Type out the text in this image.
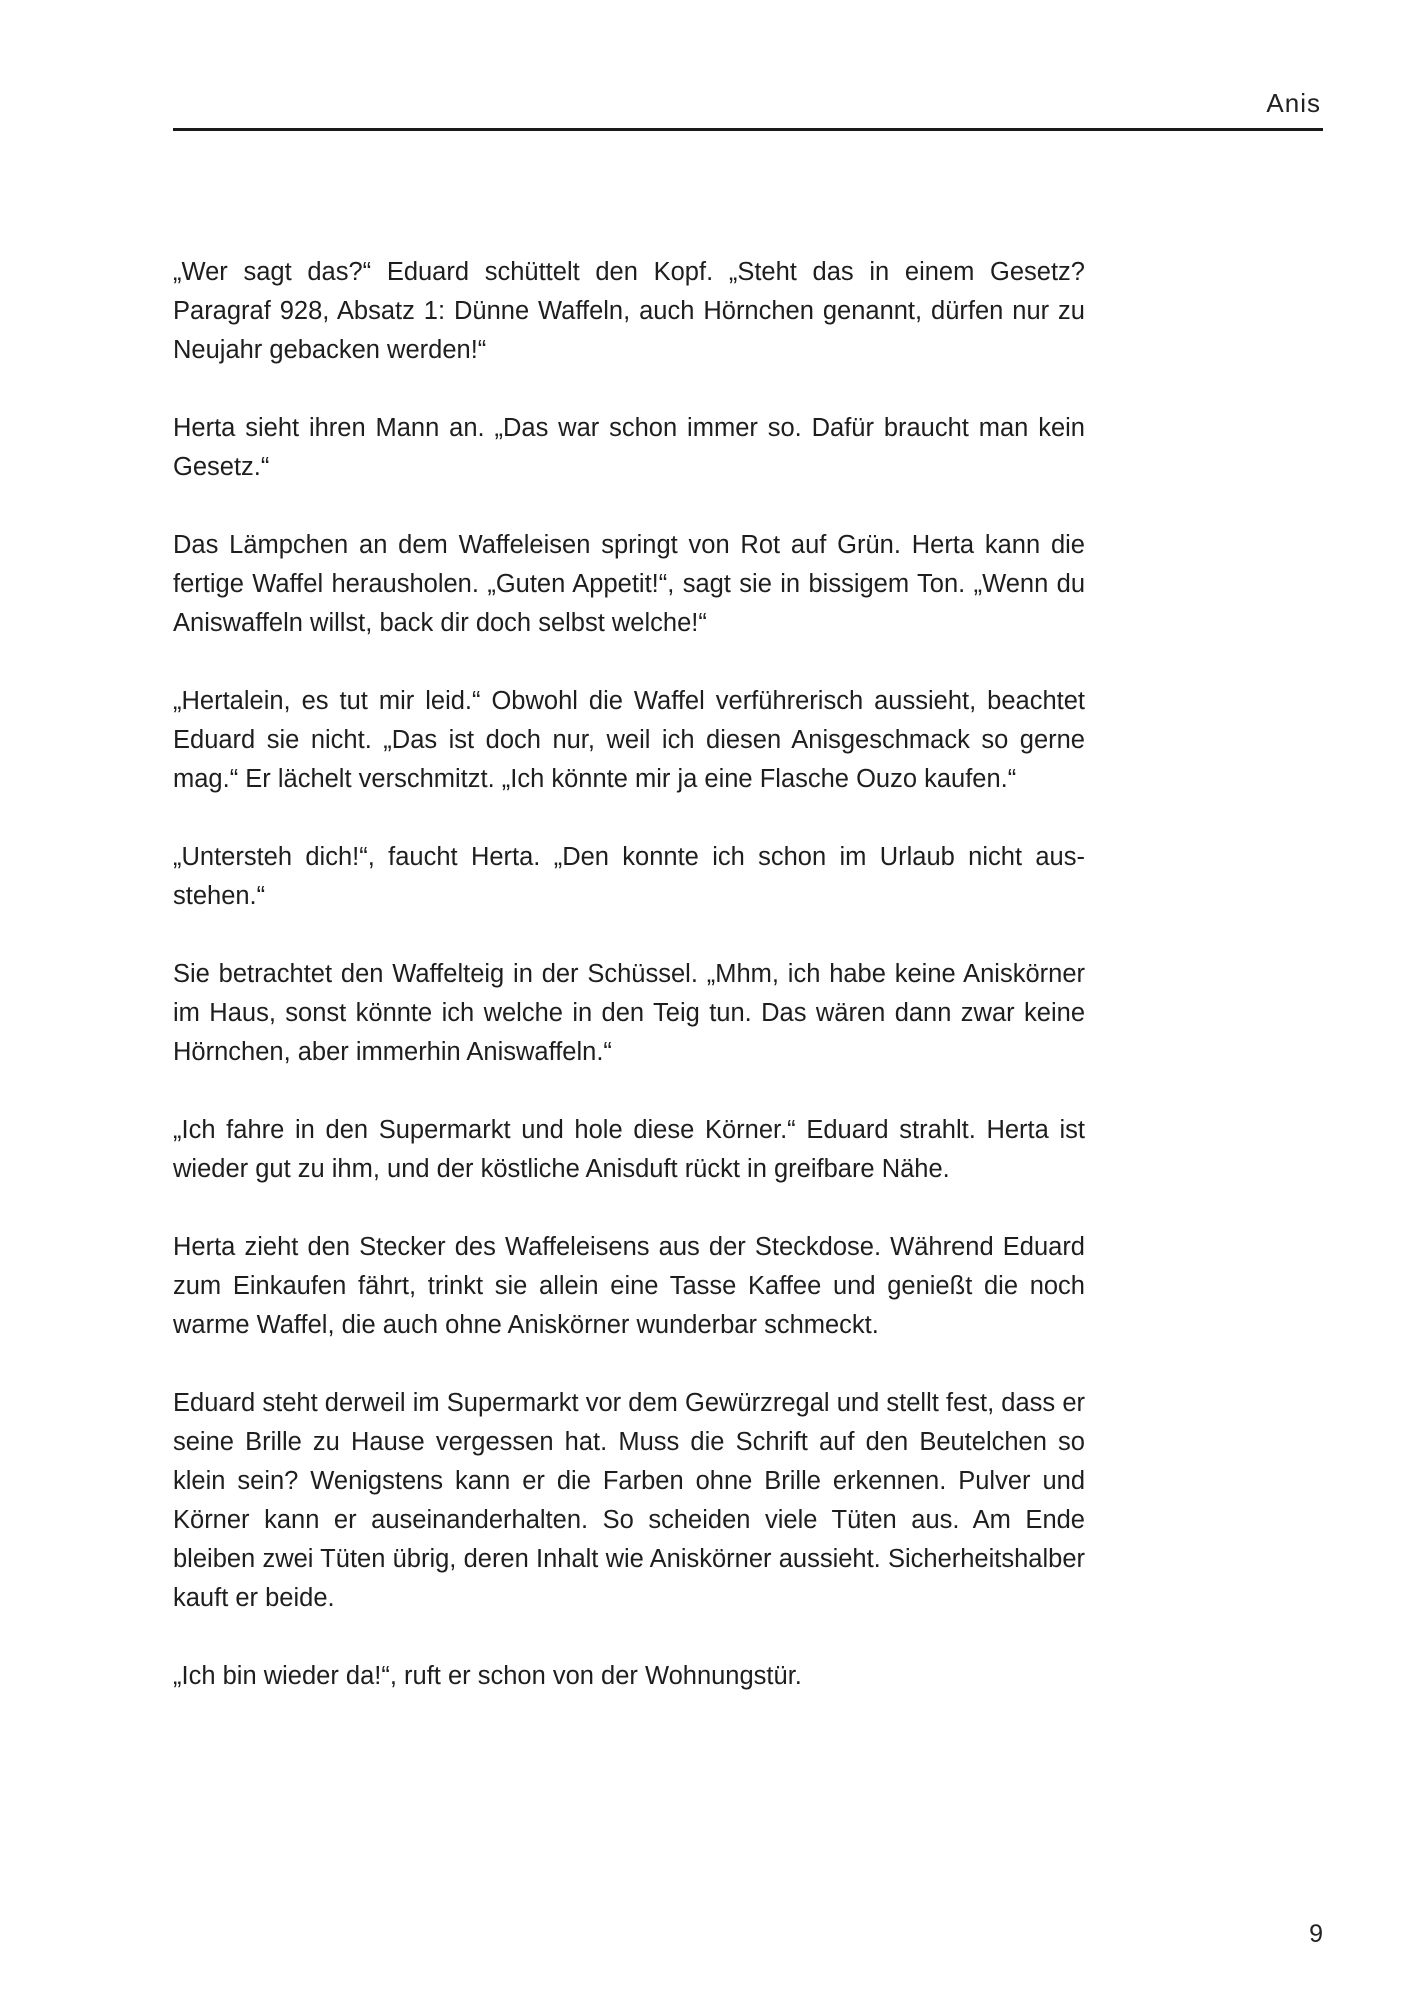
Anis

„Wer sagt das?“ Eduard schüttelt den Kopf. „Steht das in einem Gesetz? Paragraf 928, Absatz 1: Dünne Waffeln, auch Hörnchen genannt, dürfen nur zu Neujahr gebacken werden!“

Herta sieht ihren Mann an. „Das war schon immer so. Dafür braucht man kein Gesetz.“

Das Lämpchen an dem Waffeleisen springt von Rot auf Grün. Herta kann die fertige Waffel herausholen. „Guten Appetit!“, sagt sie in bissigem Ton. „Wenn du Aniswaffeln willst, back dir doch selbst welche!“

„Hertalein, es tut mir leid.“ Obwohl die Waffel verführerisch aussieht, beachtet Eduard sie nicht. „Das ist doch nur, weil ich diesen Anisgeschmack so gerne mag.“ Er lächelt verschmitzt. „Ich könnte mir ja eine Flasche Ouzo kaufen.“

„Untersteh dich!“, faucht Herta. „Den konnte ich schon im Urlaub nicht ausstehen.“

Sie betrachtet den Waffelteig in der Schüssel. „Mhm, ich habe keine Aniskörner im Haus, sonst könnte ich welche in den Teig tun. Das wären dann zwar keine Hörnchen, aber immerhin Aniswaffeln.“

„Ich fahre in den Supermarkt und hole diese Körner.“ Eduard strahlt. Herta ist wieder gut zu ihm, und der köstliche Anisduft rückt in greifbare Nähe.

Herta zieht den Stecker des Waffeleisens aus der Steckdose. Während Eduard zum Einkaufen fährt, trinkt sie allein eine Tasse Kaffee und genießt die noch warme Waffel, die auch ohne Aniskörner wunderbar schmeckt.

Eduard steht derweil im Supermarkt vor dem Gewürzregal und stellt fest, dass er seine Brille zu Hause vergessen hat. Muss die Schrift auf den Beutelchen so klein sein? Wenigstens kann er die Farben ohne Brille erkennen. Pulver und Körner kann er auseinanderhalten. So scheiden viele Tüten aus. Am Ende bleiben zwei Tüten übrig, deren Inhalt wie Aniskörner aussieht. Sicherheitshalber kauft er beide.

„Ich bin wieder da!“, ruft er schon von der Wohnungstür.

9
